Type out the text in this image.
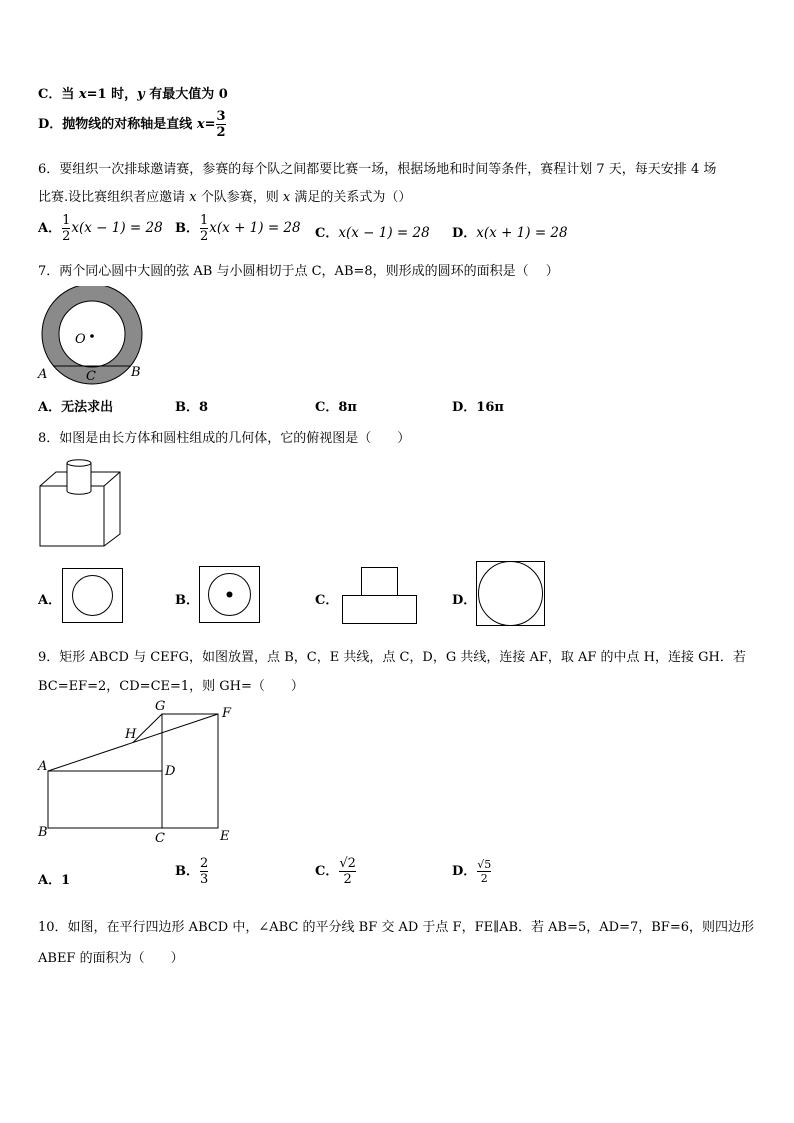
C．当 x=1 时，y 有最大值为 0
D．抛物线的对称轴是直线 $x= \frac{3}{2}$
6．要组织一次排球邀请赛，参赛的每个队之间都要比赛一场，根据场地和时间等条件，赛程计划 7 天，每天安排 4 场
比赛.设比赛组织者应邀请 x 个队参赛，则 x 满足的关系式为（）
A． $\frac{1}{2} x(x - 1) = 28$ B． $\frac{1}{2} x(x + 1) = 28$ C．x(x − 1) = 28 D．x(x + 1) = 28
7．两个同心圆中大圆的弦 AB 与小圆相切于点 C，AB=8，则形成的圆环的面积是（　 ）
O
A	C	B
A．无法求出	B．8	C．8π	D．16π
8．如图是由长方体和圆柱组成的几何体，它的俯视图是（　　）
A．	B．	C．	D．
9．矩形 ABCD 与 CEFG，如图放置，点 B，C，E 共线，点 C，D，G 共线，连接 AF，取 AF 的中点 H，连接 GH．若
BC=EF=2，CD=CE=1，则 GH=（　　）
A
B	C
D
E
F
G
H
A．1
B． $\frac{2}{3}$	C． $\frac{√2}{2}$	D． $\frac{√5}{2}$
10．如图，在平行四边形 ABCD 中，∠ABC 的平分线 BF 交 AD 于点 F，FE∥AB．若 AB=5，AD=7，BF=6，则四边形
ABEF 的面积为（　　）
